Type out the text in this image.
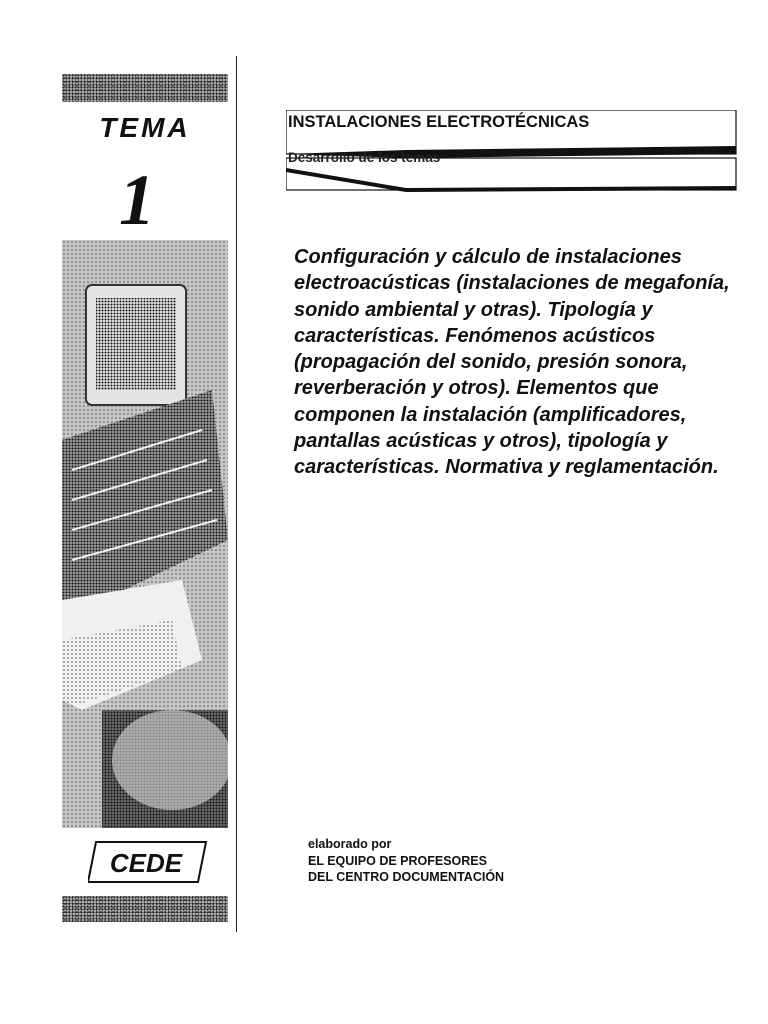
TEMA
1
CEDE
INSTALACIONES ELECTROTÉCNICAS
Desarrollo de los temas
Configuración y cálculo de instalaciones electroacústicas (instalaciones de megafonía, sonido ambiental y otras). Tipología y características. Fenómenos acústicos (propagación del sonido, presión sonora, reverberación y otros). Elementos que componen la instalación (amplificadores, pantallas acústicas y otros), tipología y características. Normativa y reglamentación.
elaborado por
EL EQUIPO DE PROFESORES
DEL CENTRO DOCUMENTACIÓN
